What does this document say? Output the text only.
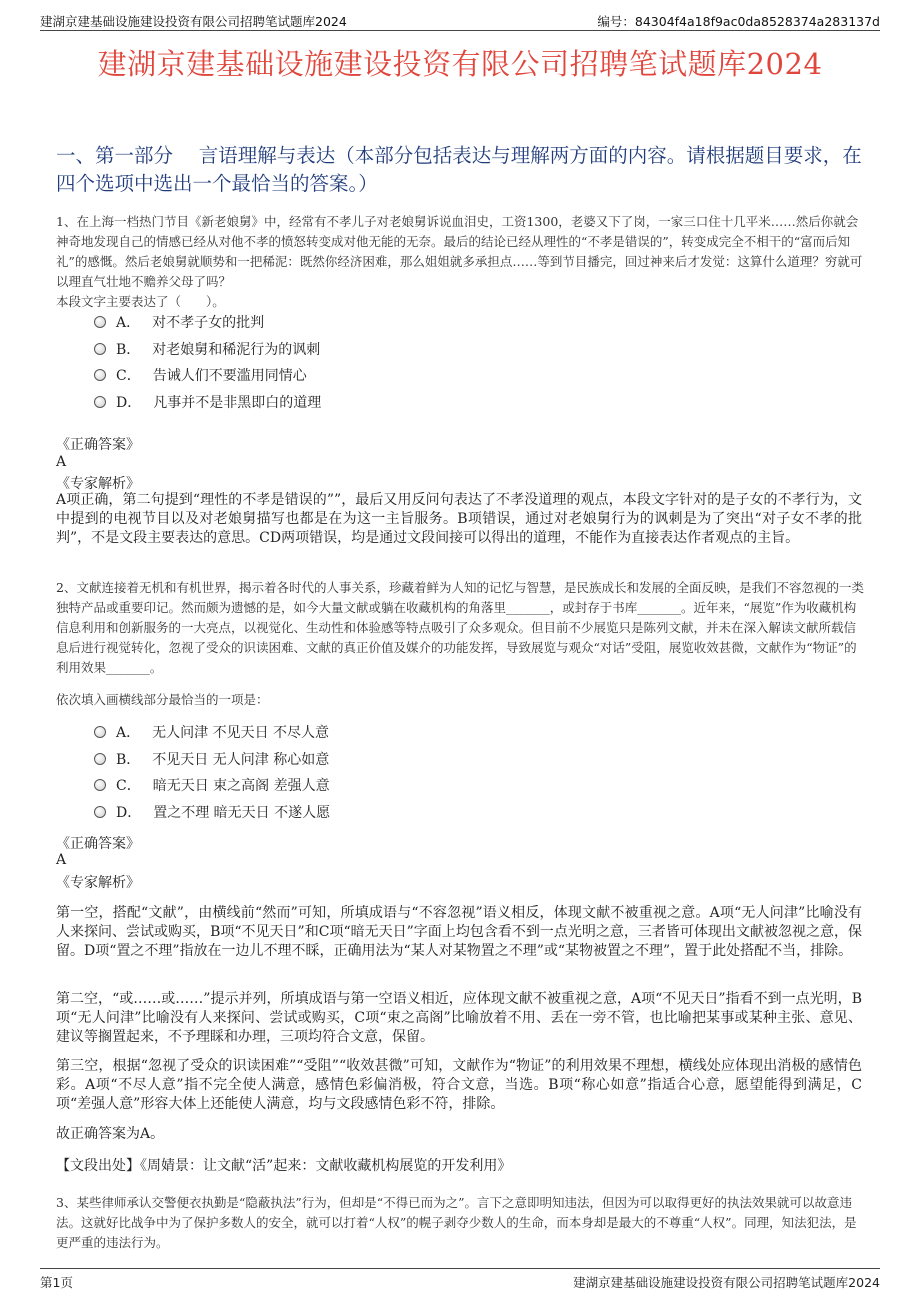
建湖京建基础设施建设投资有限公司招聘笔试题库2024	编号：84304f4a18f9ac0da8528374a283137d
建湖京建基础设施建设投资有限公司招聘笔试题库2024
一、第一部分　 言语理解与表达（本部分包括表达与理解两方面的内容。请根据题目要求，在四个选项中选出一个最恰当的答案。）
1、在上海一档热门节目《新老娘舅》中，经常有不孝儿子对老娘舅诉说血泪史，工资1300，老婆又下了岗，一家三口住十几平米……然后你就会神奇地发现自己的情感已经从对他不孝的愤怒转变成对他无能的无奈。最后的结论已经从理性的“不孝是错误的”，转变成完全不相干的“富而后知礼”的感慨。然后老娘舅就顺势和一把稀泥：既然你经济困难，那么姐姐就多承担点……等到节目播完，回过神来后才发觉：这算什么道理？穷就可以理直气壮地不赡养父母了吗？
本段文字主要表达了（　　）。
A． 对不孝子女的批判
B． 对老娘舅和稀泥行为的讽刺
C． 告诫人们不要滥用同情心
D． 凡事并不是非黑即白的道理
《正确答案》
A
《专家解析》
A项正确，第二句提到“理性的不孝是错误的””，最后又用反问句表达了不孝没道理的观点，本段文字针对的是子女的不孝行为，文中提到的电视节目以及对老娘舅描写也都是在为这一主旨服务。B项错误，通过对老娘舅行为的讽刺是为了突出“对子女不孝的批判”，不是文段主要表达的意思。CD两项错误，均是通过文段间接可以得出的道理，不能作为直接表达作者观点的主旨。
2、文献连接着无机和有机世界，揭示着各时代的人事关系，珍藏着鲜为人知的记忆与智慧，是民族成长和发展的全面反映，是我们不容忽视的一类独特产品或重要印记。然而颇为遗憾的是，如今大量文献或躺在收藏机构的角落里_______，或封存于书库_______。近年来，“展览”作为收藏机构信息利用和创新服务的一大亮点，以视觉化、生动性和体验感等特点吸引了众多观众。但目前不少展览只是陈列文献，并未在深入解读文献所载信息后进行视觉转化，忽视了受众的识读困难、文献的真正价值及媒介的功能发挥，导致展览与观众“对话”受阻，展览收效甚微，文献作为“物证”的利用效果_______。
依次填入画横线部分最恰当的一项是：
A． 无人问津 不见天日 不尽人意
B． 不见天日 无人问津 称心如意
C． 暗无天日 束之高阁 差强人意
D． 置之不理 暗无天日 不遂人愿
《正确答案》
A
《专家解析》
第一空，搭配“文献”，由横线前“然而”可知，所填成语与“不容忽视”语义相反，体现文献不被重视之意。A项“无人问津”比喻没有人来探问、尝试或购买，B项“不见天日”和C项“暗无天日”字面上均包含看不到一点光明之意，三者皆可体现出文献被忽视之意，保留。D项“置之不理”指放在一边儿不理不睬，正确用法为“某人对某物置之不理”或“某物被置之不理”，置于此处搭配不当，排除。
第二空，“或……或……”提示并列，所填成语与第一空语义相近，应体现文献不被重视之意，A项“不见天日”指看不到一点光明，B项“无人问津”比喻没有人来探问、尝试或购买，C项“束之高阁”比喻放着不用、丢在一旁不管，也比喻把某事或某种主张、意见、建议等搁置起来，不予理睬和办理，三项均符合文意，保留。
第三空，根据“忽视了受众的识读困难”“受阻”“收效甚微”可知，文献作为“物证”的利用效果不理想，横线处应体现出消极的感情色彩。A项“不尽人意”指不完全使人满意，感情色彩偏消极，符合文意，当选。B项“称心如意”指适合心意，愿望能得到满足，C项“差强人意”形容大体上还能使人满意，均与文段感情色彩不符，排除。
故正确答案为A。
【文段出处】《周婧景：让文献“活”起来：文献收藏机构展览的开发利用》
3、某些律师承认交警便衣执勤是“隐蔽执法”行为，但却是“不得已而为之”。言下之意即明知违法，但因为可以取得更好的执法效果就可以故意违法。这就好比战争中为了保护多数人的安全，就可以打着“人权”的幌子剥夺少数人的生命，而本身却是最大的不尊重“人权”。同理，知法犯法，是更严重的违法行为。
第1页	建湖京建基础设施建设投资有限公司招聘笔试题库2024
